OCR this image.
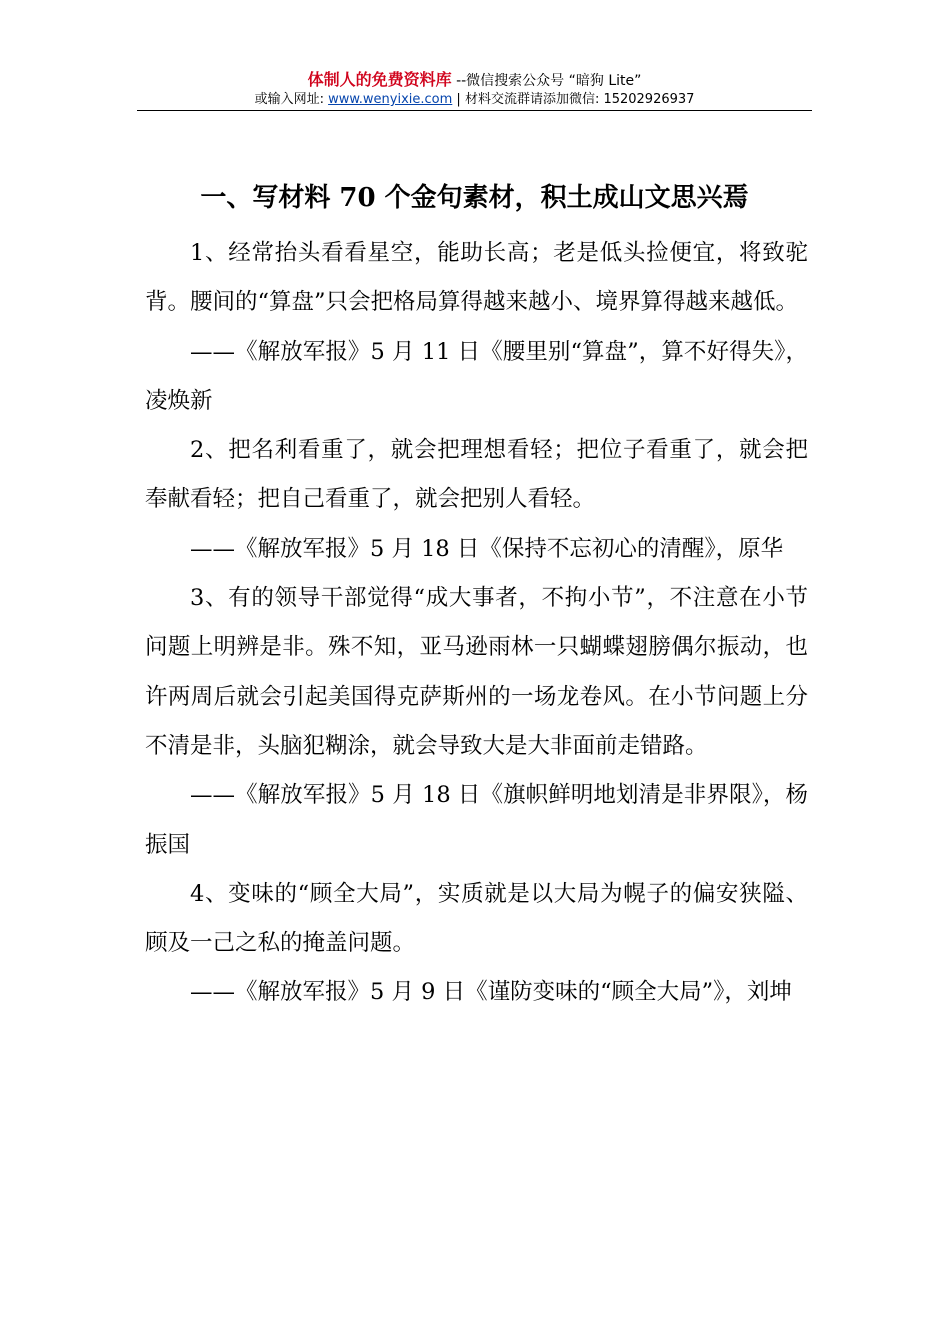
体制人的免费资料库 --微信搜索公众号 “暗狗 Lite”
或输入网址: www.wenyixie.com | 材料交流群请添加微信: 15202926937
一、写材料 70 个金句素材，积土成山文思兴焉

1、经常抬头看看星空，能助长高；老是低头捡便宜，将致驼背。腰间的“算盘”只会把格局算得越来越小、境界算得越来越低。

——《解放军报》5 月 11 日《腰里别“算盘”，算不好得失》，凌焕新

2、把名利看重了，就会把理想看轻；把位子看重了，就会把奉献看轻；把自己看重了，就会把别人看轻。

——《解放军报》5 月 18 日《保持不忘初心的清醒》，原华

3、有的领导干部觉得“成大事者，不拘小节”，不注意在小节问题上明辨是非。殊不知，亚马逊雨林一只蝴蝶翅膀偶尔振动，也许两周后就会引起美国得克萨斯州的一场龙卷风。在小节问题上分不清是非，头脑犯糊涂，就会导致大是大非面前走错路。

——《解放军报》5 月 18 日《旗帜鲜明地划清是非界限》，杨振国

4、变味的“顾全大局”，实质就是以大局为幌子的偏安狭隘、顾及一己之私的掩盖问题。

——《解放军报》5 月 9 日《谨防变味的“顾全大局”》，刘坤
